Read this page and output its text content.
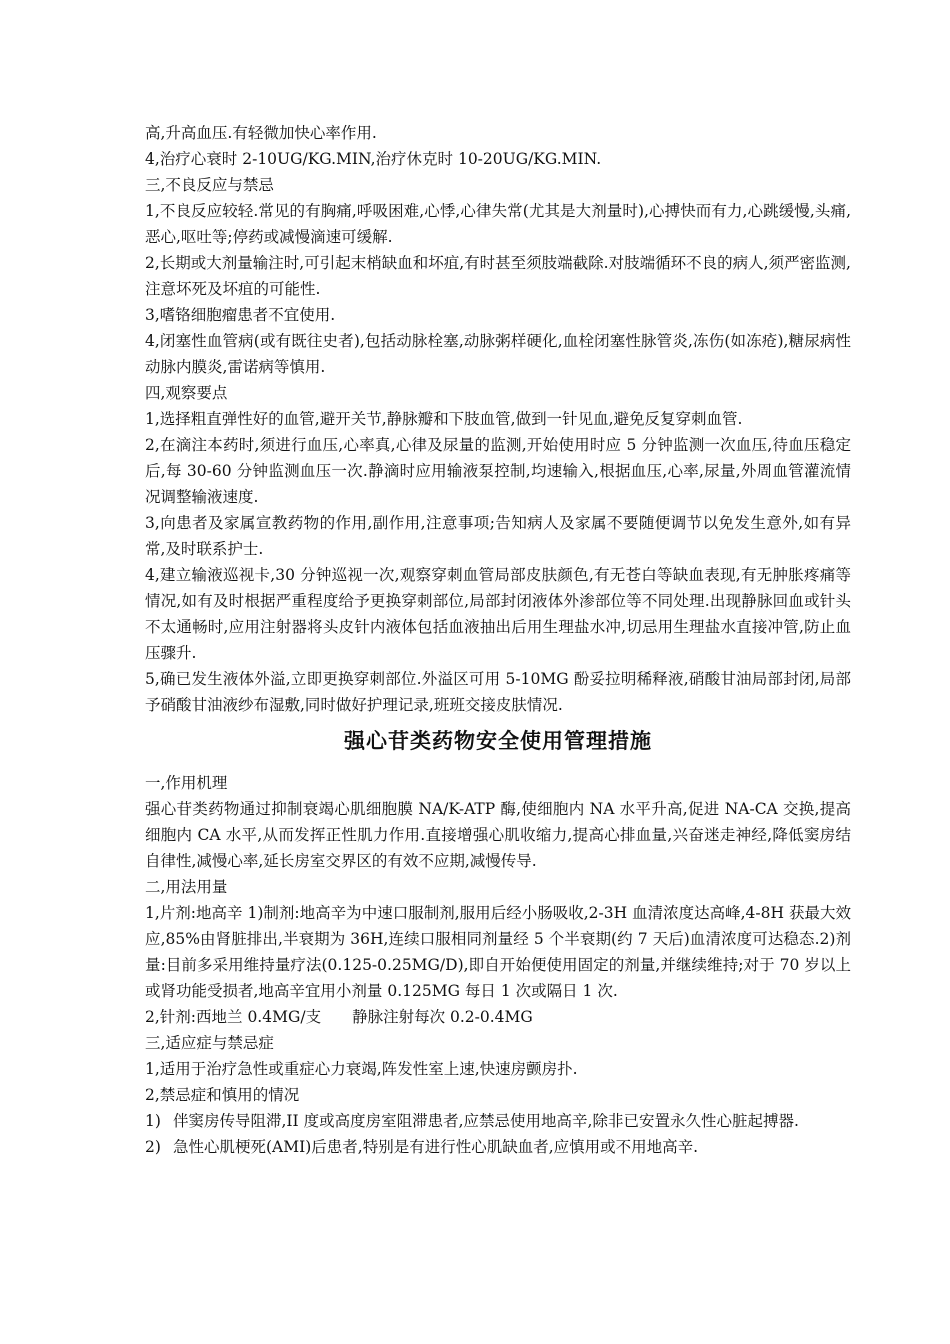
高,升高血压.有轻微加快心率作用.

4,治疗心衰时 2-10UG/KG.MIN,治疗休克时 10-20UG/KG.MIN.

三,不良反应与禁忌

1,不良反应较轻.常见的有胸痛,呼吸困难,心悸,心律失常(尤其是大剂量时),心搏快而有力,心跳缓慢,头痛,恶心,呕吐等;停药或减慢滴速可缓解.

2,长期或大剂量输注时,可引起末梢缺血和坏疽,有时甚至须肢端截除.对肢端循环不良的病人,须严密监测,注意坏死及坏疽的可能性.

3,嗜铬细胞瘤患者不宜使用.

4,闭塞性血管病(或有既往史者),包括动脉栓塞,动脉粥样硬化,血栓闭塞性脉管炎,冻伤(如冻疮),糖尿病性动脉内膜炎,雷诺病等慎用.

四,观察要点

1,选择粗直弹性好的血管,避开关节,静脉瓣和下肢血管,做到一针见血,避免反复穿刺血管.

2,在滴注本药时,须进行血压,心率真,心律及尿量的监测,开始使用时应 5 分钟监测一次血压,待血压稳定后,每 30-60 分钟监测血压一次.静滴时应用输液泵控制,均速输入,根据血压,心率,尿量,外周血管灌流情况调整输液速度.

3,向患者及家属宣教药物的作用,副作用,注意事项;告知病人及家属不要随便调节以免发生意外,如有异常,及时联系护士.

4,建立输液巡视卡,30 分钟巡视一次,观察穿刺血管局部皮肤颜色,有无苍白等缺血表现,有无肿胀疼痛等情况,如有及时根据严重程度给予更换穿刺部位,局部封闭液体外渗部位等不同处理.出现静脉回血或针头不太通畅时,应用注射器将头皮针内液体包括血液抽出后用生理盐水冲,切忌用生理盐水直接冲管,防止血压骤升.

5,确已发生液体外溢,立即更换穿刺部位.外溢区可用 5-10MG 酚妥拉明稀释液,硝酸甘油局部封闭,局部予硝酸甘油液纱布湿敷,同时做好护理记录,班班交接皮肤情况.

强心苷类药物安全使用管理措施

一,作用机理

强心苷类药物通过抑制衰竭心肌细胞膜 NA/K-ATP 酶,使细胞内 NA 水平升高,促进 NA-CA 交换,提高细胞内 CA 水平,从而发挥正性肌力作用.直接增强心肌收缩力,提高心排血量,兴奋迷走神经,降低窦房结自律性,减慢心率,延长房室交界区的有效不应期,减慢传导.

二,用法用量

1,片剂:地高辛 1)制剂:地高辛为中速口服制剂,服用后经小肠吸收,2-3H 血清浓度达高峰,4-8H 获最大效应,85%由肾脏排出,半衰期为 36H,连续口服相同剂量经 5 个半衰期(约 7 天后)血清浓度可达稳态.2)剂量:目前多采用维持量疗法(0.125-0.25MG/D),即自开始便使用固定的剂量,并继续维持;对于 70 岁以上或肾功能受损者,地高辛宜用小剂量 0.125MG 每日 1 次或隔日 1 次.

2,针剂:西地兰 0.4MG/支　　静脉注射每次 0.2-0.4MG

三,适应症与禁忌症

1,适用于治疗急性或重症心力衰竭,阵发性室上速,快速房颤房扑.

2,禁忌症和慎用的情况

1) 伴窦房传导阻滞,II 度或高度房室阻滞患者,应禁忌使用地高辛,除非已安置永久性心脏起搏器.
2) 急性心肌梗死(AMI)后患者,特别是有进行性心肌缺血者,应慎用或不用地高辛.
